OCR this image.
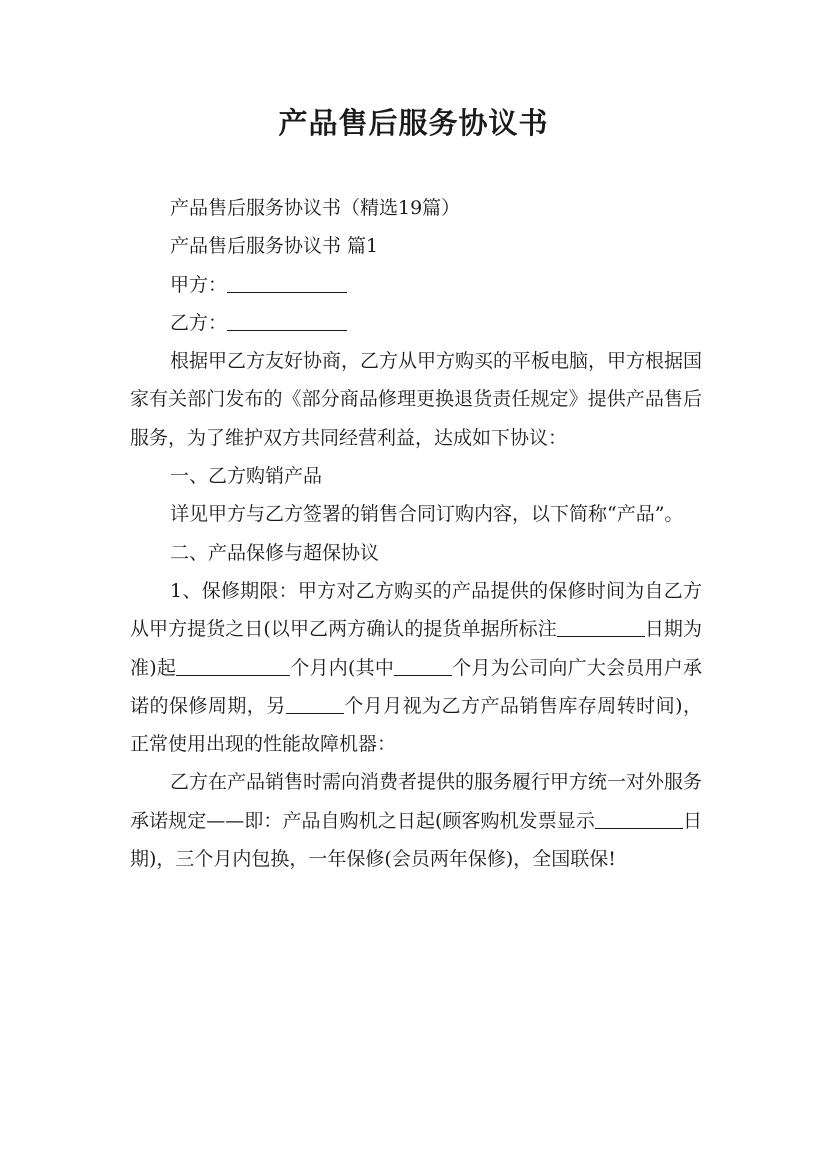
产品售后服务协议书

产品售后服务协议书（精选19篇）

产品售后服务协议书 篇1

甲方：

乙方：

根据甲乙方友好协商，乙方从甲方购买的平板电脑，甲方根据国家有关部门发布的《部分商品修理更换退货责任规定》提供产品售后服务，为了维护双方共同经营利益，达成如下协议：

一、乙方购销产品

详见甲方与乙方签署的销售合同订购内容，以下简称“产品”。

二、产品保修与超保协议

1、保修期限：甲方对乙方购买的产品提供的保修时间为自乙方从甲方提货之日(以甲乙两方确认的提货单据所标注	日期为准)起	个月内(其中	个月为公司向广大会员用户承诺的保修周期，另	个月月视为乙方产品销售库存周转时间)，正常使用出现的性能故障机器：

乙方在产品销售时需向消费者提供的服务履行甲方统一对外服务承诺规定——即：产品自购机之日起(顾客购机发票显示	日期)，三个月内包换，一年保修(会员两年保修)，全国联保!
